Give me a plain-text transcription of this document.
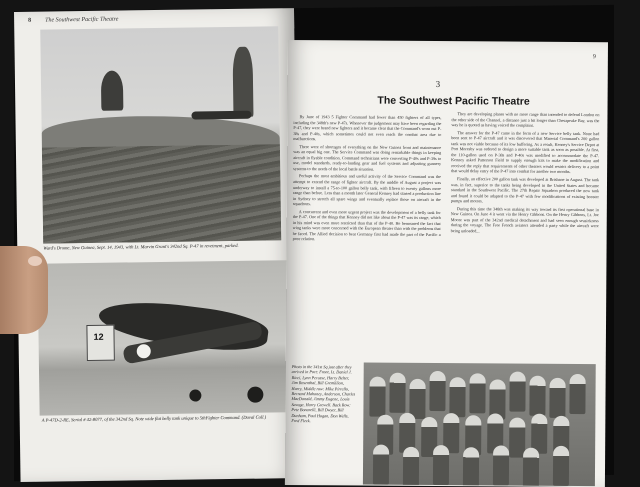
8 The Southwest Pacific Theatre
Ward's Drome, New Guinea, Sept. 14, 1943, with Lt. Marvin Grant's 342nd Sq. P-47 in revetment, parked.
12
A P-47D-2-RE, Serial # 42-8077, of the 342nd Sq. Note wide flat belly tank unique to 5thFighter Command. (Duval Coll.)
9
3
The Southwest Pacific Theatre

By June of 1943 5 Fighter Command had fewer than 450 fighters of all types, including the 348th's new P-47s. Whenever the judgement may have been regarding the P-47, they were brand new fighters and it became clear that the Command's worn out P-38s and P-40s, which sometimes could not even reach the combat area due to malfunctions.

There were of shortages of everything on the New Guinea front and maintenance was an equal big one. The Service Command was doing remarkable things in keeping aircraft in flyable condition. Command technicians were converting P-40s and P-39s to use, model standards, ready-to-landing gear and fuel systems and adjusting gunnery systems to the needs of the local battle situation.

Perhaps the most ambitious and useful activity of the Service Command was the attempt to extend the range of fighter aircraft. By the middle of August a project was underway to install a 75-to-100 gallon belly tank, with fifteen to twenty gallons more range than before. Less than a month later General Kenney had started a production line in Sydney to stretch all spare wings and eventually replace those on aircraft in the squadrons.

A concurrent and even more urgent project was the development of a belly tank for the P-47. One of the things that Kenney did not like about the P-47 was its range, which in his mind was even more restricted than that of the P-40. He bemoaned the fact that wing tanks were more concerned with the European theater than with the problems that he faced. The Allied decision to beat Germany first had made the part of the Pacific a poor relation.

They are developing planes with no more range than intended to defend London on the other side of the Channel, a distance just a bit longer than Chesapeake Bay, was the way he is quoted as having voiced the complaint.

The answer for the P-47 came in the form of a new Service belly tank. None had been sent to P-47 aircraft and it was discovered that Material Command's 200 gallon tank was not viable because of its low buffering. As a result, Kenney's Service Depot at Port Moresby was ordered to design a more suitable tank as soon as possible. At first, the 110-gallon used on P-38s and P-40s was modified to accommodate the P-47. Kenney asked Patterson Field to supply enough kits to make the modification and received the reply that requirements of other theaters would restrict delivery to a point that would delay entry of the P-47 into combat for another two months.

Finally, an effective 200 gallon tank was developed at Brisbane in August. The tank was, in fact, superior to the tanks being developed in the United States and became standard in the Southwest Pacific. The 27th Repair Squadron produced the new tank and found it could be adapted to the P-47 with few modifications of existing booster pumps and motors.

During this time the 348th was making its way toward its first operational base in New Guinea. On June 4 it went via the Henry Gibbons. On the Henry Gibbons, Lt. Joe Moore was part of the 342nd medical detachment and had seen enough seasickness during the voyage. The Free French aviators attended a party while the aircraft were being unloaded...

Photo in the 341st Sq just after they arrived in Port: Front, Lt. Daniel J. Ricci, Lynn Perusse, Harry Belter, Jim Rosenthal, Bill Gremillion, Harry, Middle row: Mike Pirrello, Bernard Mahoney, Anderson, Charles MacDonald, Jimmy Eugene, Louis Savage, Harry Grewell. Back Row: Pete Bonarelli, Bill Dwyer, Bill Dunham, Paul Hogan, Don Wells, Fred Fleck.
